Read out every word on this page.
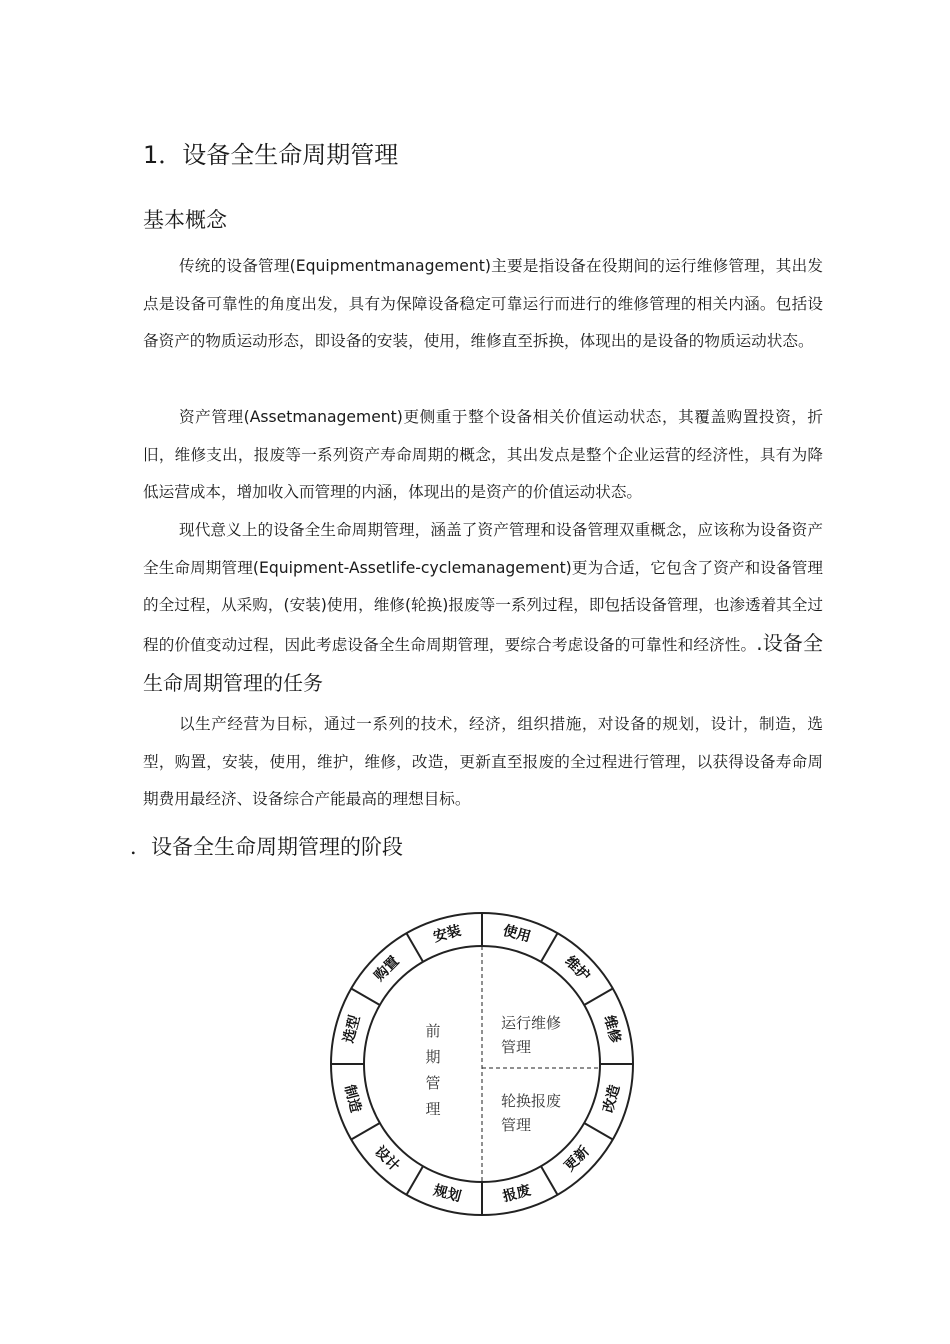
1．设备全生命周期管理
基本概念

传统的设备管理(Equipmentmanagement)主要是指设备在役期间的运行维修管理，其出发点是设备可靠性的角度出发，具有为保障设备稳定可靠运行而进行的维修管理的相关内涵。包括设备资产的物质运动形态，即设备的安装，使用，维修直至拆换，体现出的是设备的物质运动状态。

资产管理(Assetmanagement)更侧重于整个设备相关价值运动状态，其覆盖购置投资，折旧，维修支出，报废等一系列资产寿命周期的概念，其出发点是整个企业运营的经济性，具有为降低运营成本，增加收入而管理的内涵，体现出的是资产的价值运动状态。

现代意义上的设备全生命周期管理，涵盖了资产管理和设备管理双重概念，应该称为设备资产全生命周期管理(Equipment-Assetlife-cyclemanagement)更为合适，它包含了资产和设备管理的全过程，从采购，(安装)使用，维修(轮换)报废等一系列过程，即包括设备管理，也渗透着其全过程的价值变动过程，因此考虑设备全生命周期管理，要综合考虑设备的可靠性和经济性。.设备全生命周期管理的任务

以生产经营为目标，通过一系列的技术，经济，组织措施，对设备的规划，设计，制造，选型，购置，安装，使用，维护，维修，改造，更新直至报废的全过程进行管理，以获得设备寿命周期费用最经济、设备综合产能最高的理想目标。

．设备全生命周期管理的阶段
使用
维护
维修
改造
更新
报废
规划
设计
制造
选型
购置
安装
前
期
管
理
运行维修
管理
轮换报废
管理
